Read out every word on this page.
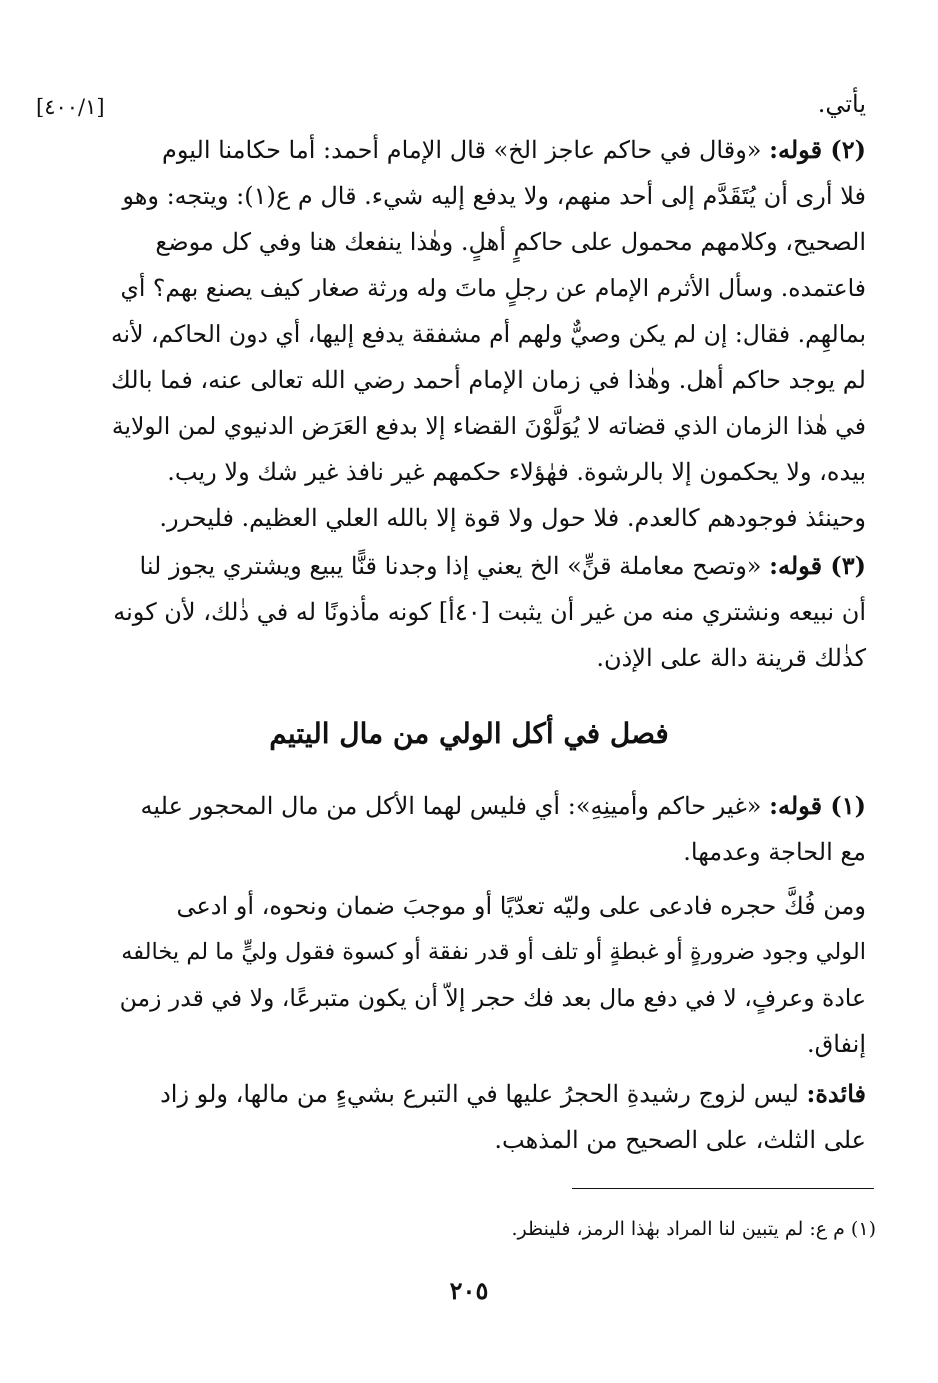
[٤٠٠/١]	يأتي.
(٢) قوله: «وقال في حاكم عاجز الخ» قال الإمام أحمد: أما حكامنا اليوم
فلا أرى أن يُتَقَدَّم إلى أحد منهم، ولا يدفع إليه شيء. قال م ع(١): ويتجه: وهو
الصحيح، وكلامهم محمول على حاكمٍ أهلٍ. وهٰذا ينفعك هنا وفي كل موضع
فاعتمده. وسأل الأثرم الإمام عن رجلٍ ماتَ وله ورثة صغار كيف يصنع بهم؟ أي
بمالهِم. فقال: إن لم يكن وصيٌّ ولهم أم مشفقة يدفع إليها، أي دون الحاكم، لأنه
لم يوجد حاكم أهل. وهٰذا في زمان الإمام أحمد رضي الله تعالى عنه، فما بالك
في هٰذا الزمان الذي قضاته لا يُوَلَّوْنَ القضاء إلا بدفع العَرَض الدنيوي لمن الولاية
بيده، ولا يحكمون إلا بالرشوة. فهٰؤلاء حكمهم غير نافذ غير شك ولا ريب.
وحينئذ فوجودهم كالعدم. فلا حول ولا قوة إلا بالله العلي العظيم. فليحرر.
(٣) قوله: «وتصح معاملة قنٍّ» الخ يعني إذا وجدنا قنًّا يبيع ويشتري يجوز لنا
أن نبيعه ونشتري منه من غير أن يثبت [٤٠أ] كونه مأذونًا له في ذٰلك، لأن كونه
كذٰلك قرينة دالة على الإذن.
فصل في أكل الولي من مال اليتيم
(١) قوله: «غير حاكم وأمينِهِ»: أي فليس لهما الأكل من مال المحجور عليه
مع الحاجة وعدمها.
ومن فُكَّ حجره فادعى على وليّه تعدّيًا أو موجبَ ضمان ونحوه، أو ادعى
الولي وجود ضرورةٍ أو غبطةٍ أو تلف أو قدر نفقة أو كسوة فقول وليٍّ ما لم يخالفه
عادة وعرفٍ، لا في دفع مال بعد فك حجر إلاّ أن يكون متبرعًا، ولا في قدر زمن
إنفاق.
فائدة: ليس لزوج رشيدةِ الحجرُ عليها في التبرع بشيءٍ من مالها، ولو زاد
على الثلث، على الصحيح من المذهب.
(١) م ع: لم يتبين لنا المراد بهٰذا الرمز، فلينظر.
٢٠٥
